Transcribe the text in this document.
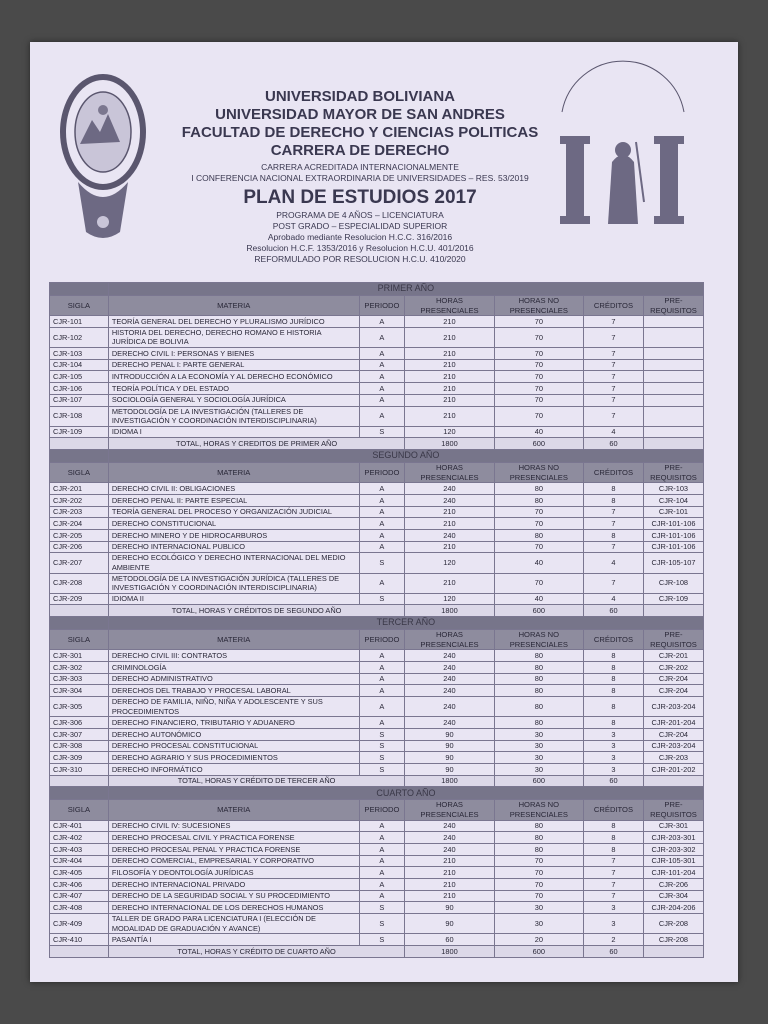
UNIVERSIDAD BOLIVIANA
UNIVERSIDAD MAYOR DE SAN ANDRES
FACULTAD DE DERECHO Y CIENCIAS POLITICAS
CARRERA DE DERECHO
CARRERA ACREDITADA INTERNACIONALMENTE
I CONFERENCIA NACIONAL EXTRAORDINARIA DE UNIVERSIDADES – RES. 53/2019
PLAN DE ESTUDIOS 2017
PROGRAMA DE 4 AÑOS – LICENCIATURA
POST GRADO – ESPECIALIDAD SUPERIOR
Aprobado mediante Resolucion H.C.C. 316/2016
Resolucion H.C.F. 1353/2016 y Resolucion H.C.U. 401/2016
REFORMULADO POR RESOLUCION H.C.U. 410/2020
	PRIMER AÑO					
SIGLA	MATERIA	PERIODO	HORAS PRESENCIALES	HORAS NO PRESENCIALES	CRÉDITOS	PRE-REQUISITOS
CJR-101	TEORÍA GENERAL DEL DERECHO Y PLURALISMO JURÍDICO	A	210	70	7	
CJR-102	HISTORIA DEL DERECHO, DERECHO ROMANO E HISTORIA JURÍDICA DE BOLIVIA	A	210	70	7	
CJR-103	DERECHO CIVIL I: PERSONAS Y BIENES	A	210	70	7	
CJR-104	DERECHO PENAL I: PARTE GENERAL	A	210	70	7	
CJR-105	INTRODUCCIÓN A LA ECONOMÍA Y AL DERECHO ECONÓMICO	A	210	70	7	
CJR-106	TEORÍA POLÍTICA Y DEL ESTADO	A	210	70	7	
CJR-107	SOCIOLOGÍA GENERAL Y SOCIOLOGÍA JURÍDICA	A	210	70	7	
CJR-108	METODOLOGÍA DE LA INVESTIGACIÓN (TALLERES DE INVESTIGACIÓN Y COORDINACIÓN INTERDISCIPLINARIA)	A	210	70	7	
CJR-109	IDIOMA I	S	120	40	4	
	TOTAL, HORAS Y CREDITOS DE PRIMER AÑO		1800	600	60	
	SEGUNDO AÑO					
SIGLA	MATERIA	PERIODO	HORAS PRESENCIALES	HORAS NO PRESENCIALES	CRÉDITOS	PRE-REQUISITOS
CJR-201	DERECHO CIVIL II: OBLIGACIONES	A	240	80	8	CJR-103
CJR-202	DERECHO PENAL II: PARTE ESPECIAL	A	240	80	8	CJR-104
CJR-203	TEORÍA GENERAL DEL PROCESO Y ORGANIZACIÓN JUDICIAL	A	210	70	7	CJR-101
CJR-204	DERECHO CONSTITUCIONAL	A	210	70	7	CJR-101-106
CJR-205	DERECHO MINERO Y DE HIDROCARBUROS	A	240	80	8	CJR-101-106
CJR-206	DERECHO INTERNACIONAL PUBLICO	A	210	70	7	CJR-101-106
CJR-207	DERECHO ECOLÓGICO Y DERECHO INTERNACIONAL DEL MEDIO AMBIENTE	S	120	40	4	CJR-105-107
CJR-208	METODOLOGÍA DE LA INVESTIGACIÓN JURÍDICA (TALLERES DE INVESTIGACIÓN Y COORDINACIÓN INTERDISCIPLINARIA)	A	210	70	7	CJR-108
CJR-209	IDIOMA II	S	120	40	4	CJR-109
	TOTAL, HORAS Y CRÉDITOS DE SEGUNDO AÑO		1800	600	60	
	TERCER AÑO					
SIGLA	MATERIA	PERIODO	HORAS PRESENCIALES	HORAS NO PRESENCIALES	CRÉDITOS	PRE-REQUISITOS
CJR-301	DERECHO CIVIL III: CONTRATOS	A	240	80	8	CJR-201
CJR-302	CRIMINOLOGÍA	A	240	80	8	CJR-202
CJR-303	DERECHO ADMINISTRATIVO	A	240	80	8	CJR-204
CJR-304	DERECHOS DEL TRABAJO Y PROCESAL LABORAL	A	240	80	8	CJR-204
CJR-305	DERECHO DE FAMILIA, NIÑO, NIÑA Y ADOLESCENTE Y SUS PROCEDIMIENTOS	A	240	80	8	CJR-203-204
CJR-306	DERECHO FINANCIERO, TRIBUTARIO Y ADUANERO	A	240	80	8	CJR-201-204
CJR-307	DERECHO AUTONÓMICO	S	90	30	3	CJR-204
CJR-308	DERECHO PROCESAL CONSTITUCIONAL	S	90	30	3	CJR-203-204
CJR-309	DERECHO AGRARIO Y SUS PROCEDIMIENTOS	S	90	30	3	CJR-203
CJR-310	DERECHO INFORMÁTICO	S	90	30	3	CJR-201-202
	TOTAL, HORAS Y CRÉDITO DE TERCER AÑO		1800	600	60	
	CUARTO AÑO					
SIGLA	MATERIA	PERIODO	HORAS PRESENCIALES	HORAS NO PRESENCIALES	CRÉDITOS	PRE-REQUISITOS
CJR-401	DERECHO CIVIL IV: SUCESIONES	A	240	80	8	CJR-301
CJR-402	DERECHO PROCESAL CIVIL Y PRACTICA FORENSE	A	240	80	8	CJR-203-301
CJR-403	DERECHO PROCESAL PENAL Y PRACTICA FORENSE	A	240	80	8	CJR-203-302
CJR-404	DERECHO COMERCIAL, EMPRESARIAL Y CORPORATIVO	A	210	70	7	CJR-105-301
CJR-405	FILOSOFÍA Y DEONTOLOGÍA JURÍDICAS	A	210	70	7	CJR-101-204
CJR-406	DERECHO INTERNACIONAL PRIVADO	A	210	70	7	CJR-206
CJR-407	DERECHO DE LA SEGURIDAD SOCIAL Y SU PROCEDIMIENTO	A	210	70	7	CJR-304
CJR-408	DERECHO INTERNACIONAL DE LOS DERECHOS HUMANOS	S	90	30	3	CJR-204-206
CJR-409	TALLER DE GRADO PARA LICENCIATURA I (ELECCIÓN DE MODALIDAD DE GRADUACIÓN Y AVANCE)	S	90	30	3	CJR-208
CJR-410	PASANTÍA I	S	60	20	2	CJR-208
	TOTAL, HORAS Y CRÉDITO DE CUARTO AÑO		1800	600	60	
